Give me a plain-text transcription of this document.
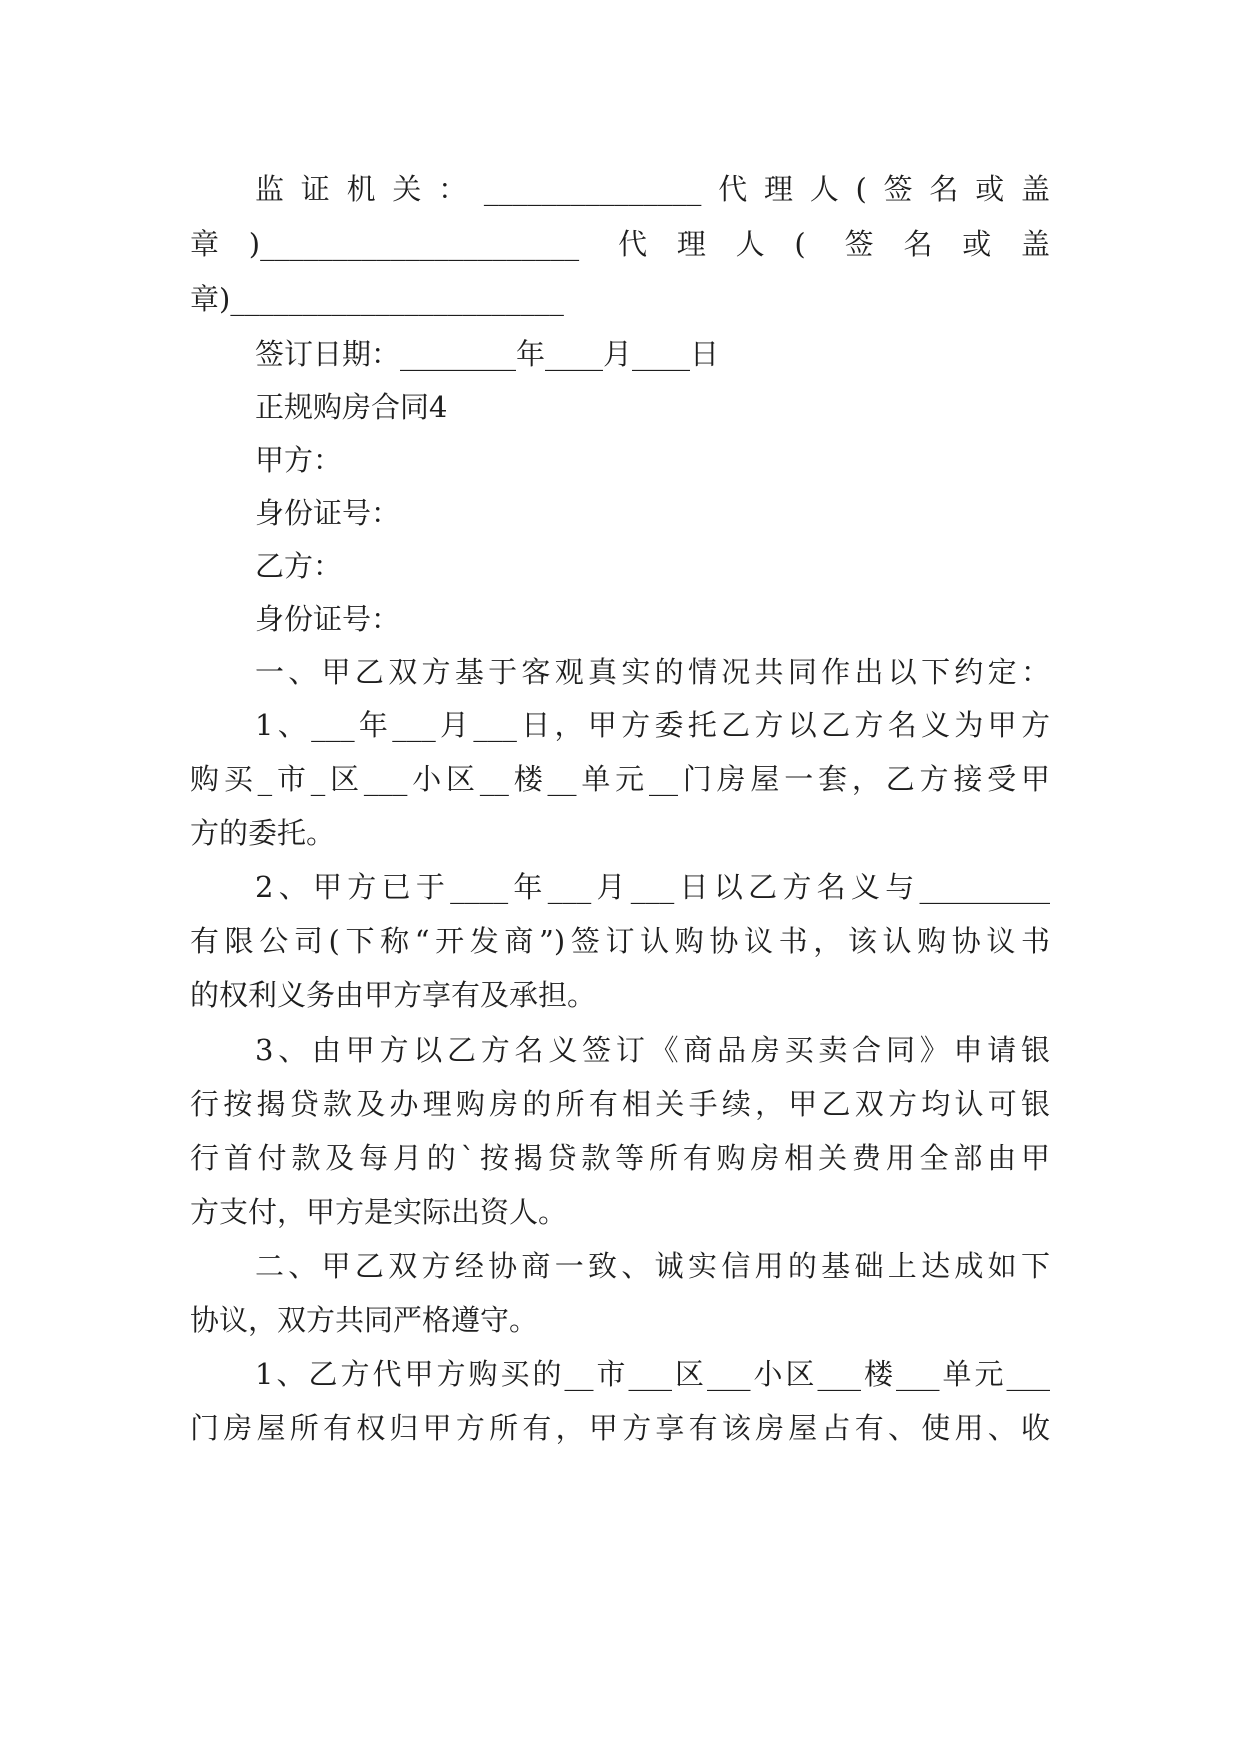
监证机关：_______________代理人(签名或盖
章)______________________ 代理人( 签名或盖
章)_______________________
签订日期：________年____月____日
正规购房合同4
甲方：
身份证号：
乙方：
身份证号：
一、甲乙双方基于客观真实的情况共同作出以下约定：
1、___年___月___日，甲方委托乙方以乙方名义为甲方
购买_市_区___小区__楼__单元__门房屋一套，乙方接受甲
方的委托。
2、甲方已于____年___月___日以乙方名义与_________
有限公司(下称“开发商”)签订认购协议书，该认购协议书
的权利义务由甲方享有及承担。
3、由甲方以乙方名义签订《商品房买卖合同》申请银
行按揭贷款及办理购房的所有相关手续，甲乙双方均认可银
行首付款及每月的`按揭贷款等所有购房相关费用全部由甲
方支付，甲方是实际出资人。
二、甲乙双方经协商一致、诚实信用的基础上达成如下
协议，双方共同严格遵守。
1、乙方代甲方购买的__市___区___小区___楼___单元___
门房屋所有权归甲方所有，甲方享有该房屋占有、使用、收
